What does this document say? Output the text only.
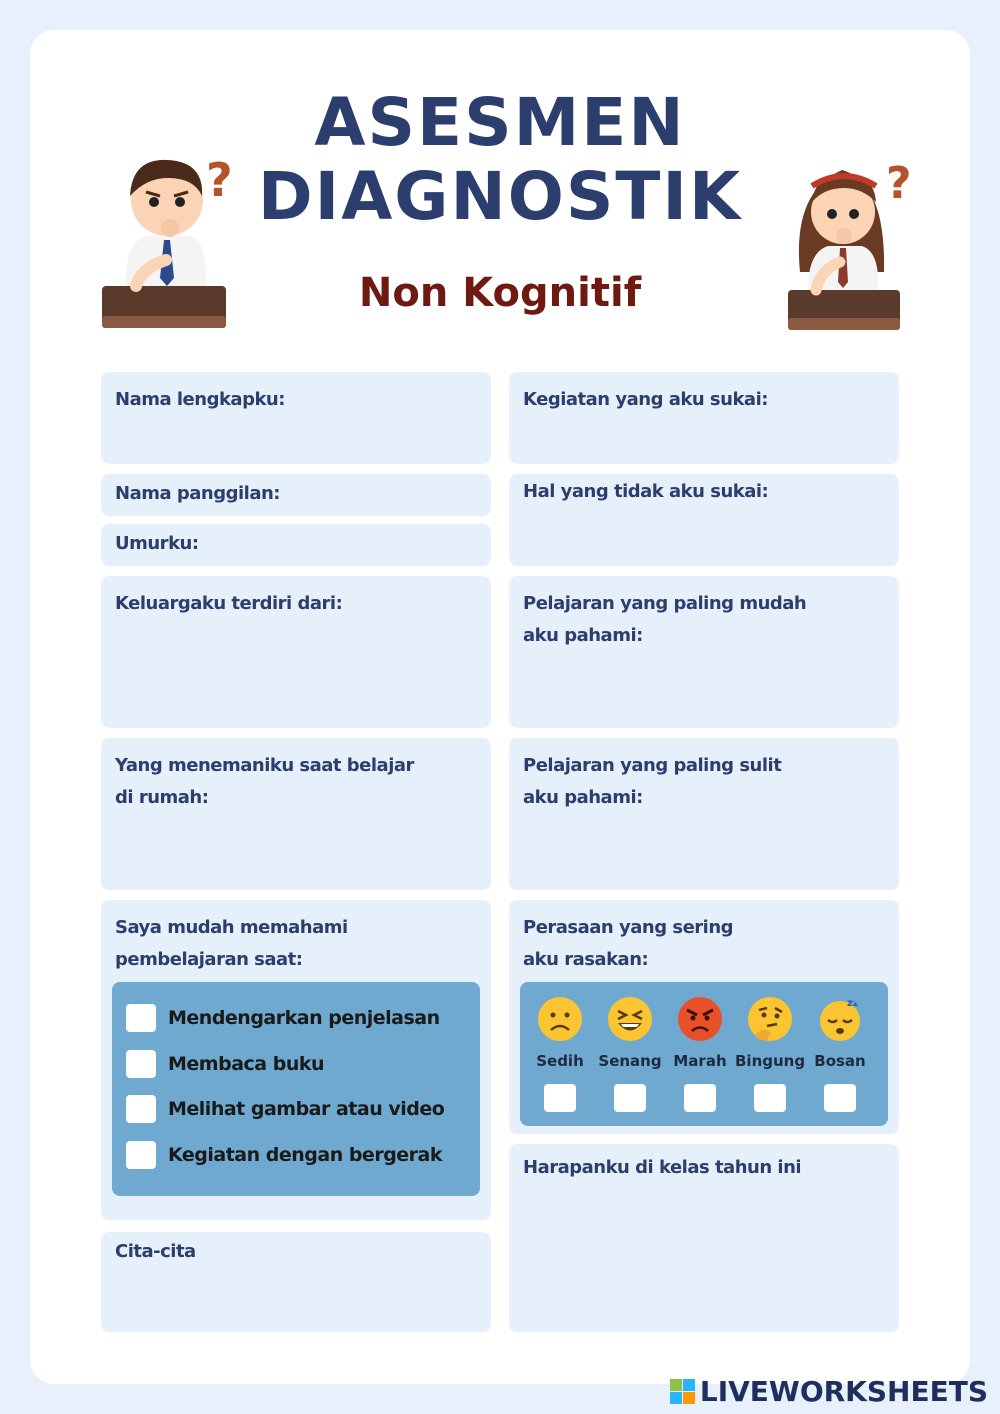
?	?
ASESMEN
DIAGNOSTIK
Non Kognitif
Nama lengkapku:
Nama panggilan:
Umurku:
Keluargaku terdiri dari:
Yang menemaniku saat belajar
di rumah:
Saya mudah memahami
pembelajaran saat:
Mendengarkan penjelasan
Membaca buku
Melihat gambar atau video
Kegiatan dengan bergerak
Cita-cita
Kegiatan yang aku sukai:
Hal yang tidak aku sukai:
Pelajaran yang paling mudah
aku pahami:
Pelajaran yang paling sulit
aku pahami:
Perasaan yang sering
aku rasakan:
Sedih Senang Marah Bingung
zz
Bosan
Harapanku di kelas tahun ini
LIVEWORKSHEETS
